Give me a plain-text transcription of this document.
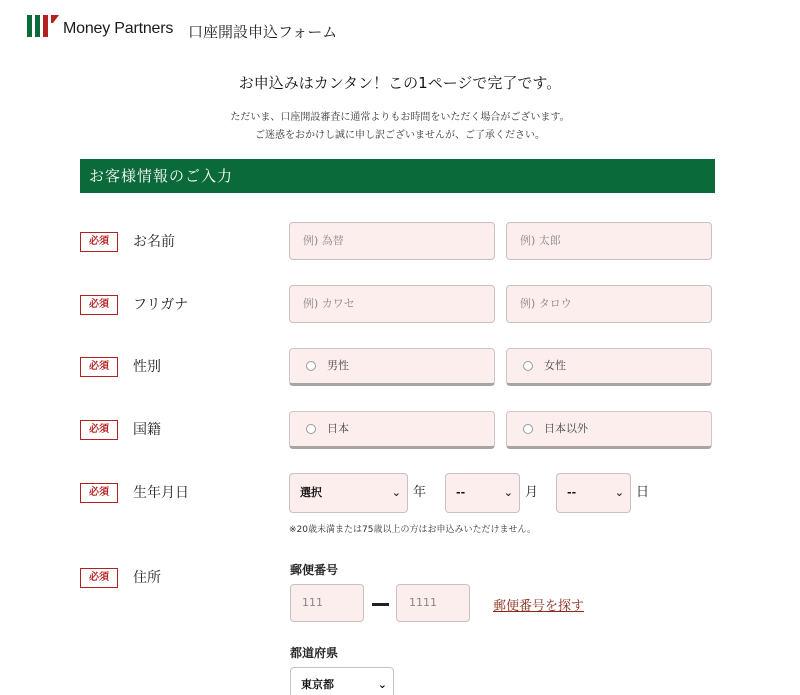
Money Partners 口座開設申込フォーム
お申込みはカンタン！この1ページで完了です。
ただいま、口座開設審査に通常よりもお時間をいただく場合がございます。
ご迷惑をおかけし誠に申し訳ございませんが、ご了承ください。
お客様情報のご入力
必須	お名前	例) 為替	例) 太郎
必須	フリガナ	例) カワセ	例) タロウ
必須	性別	男性	女性
必須	国籍	日本	日本以外
必須	生年月日	選択	⌄ 年	--	⌄ 月	--	⌄ 日
※20歳未満または75歳以上の方はお申込みいただけません。
必須	住所	郵便番号
111	1111	郵便番号を探す
都道府県
東京都	⌄
